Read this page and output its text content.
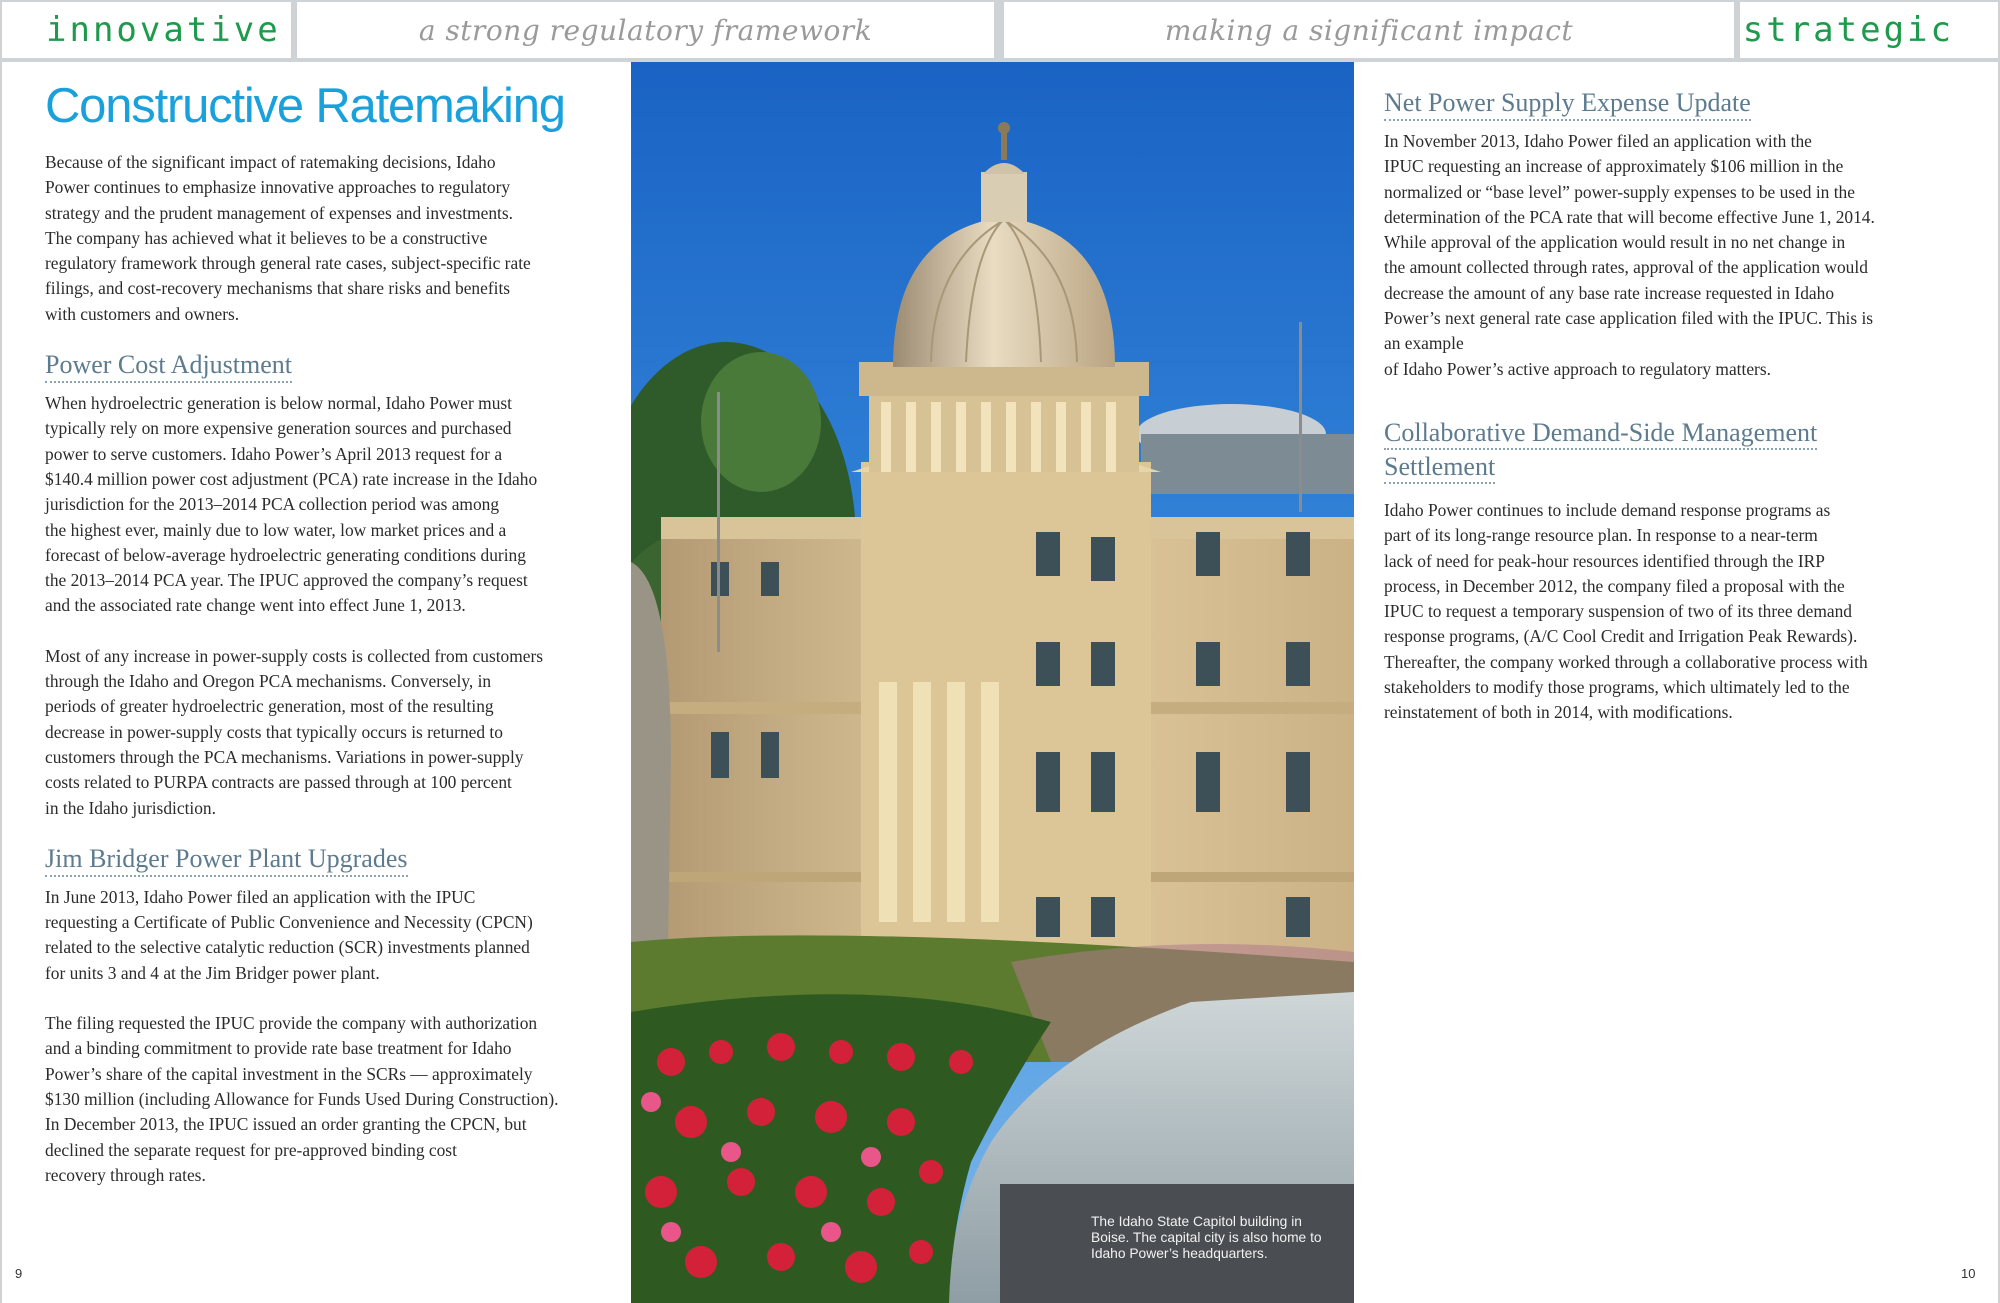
innovative	a strong regulatory framework	making a significant impact	strategic
Constructive Ratemaking

Because of the significant impact of ratemaking decisions, Idaho
Power continues to emphasize innovative approaches to regulatory
strategy and the prudent management of expenses and investments.
The company has achieved what it believes to be a constructive
regulatory framework through general rate cases, subject-specific rate
filings, and cost-recovery mechanisms that share risks and benefits
with customers and owners.

Power Cost Adjustment

When hydroelectric generation is below normal, Idaho Power must
typically rely on more expensive generation sources and purchased
power to serve customers. Idaho Power’s April 2013 request for a
$140.4 million power cost adjustment (PCA) rate increase in the Idaho
jurisdiction for the 2013–2014 PCA collection period was among
the highest ever, mainly due to low water, low market prices and a
forecast of below-average hydroelectric generating conditions during
the 2013–2014 PCA year. The IPUC approved the company’s request
and the associated rate change went into effect June 1, 2013.

Most of any increase in power-supply costs is collected from customers
through the Idaho and Oregon PCA mechanisms. Conversely, in
periods of greater hydroelectric generation, most of the resulting
decrease in power-supply costs that typically occurs is returned to
customers through the PCA mechanisms. Variations in power-supply
costs related to PURPA contracts are passed through at 100 percent
in the Idaho jurisdiction.

Jim Bridger Power Plant Upgrades

In June 2013, Idaho Power filed an application with the IPUC
requesting a Certificate of Public Convenience and Necessity (CPCN)
related to the selective catalytic reduction (SCR) investments planned
for units 3 and 4 at the Jim Bridger power plant.

The filing requested the IPUC provide the company with authorization
and a binding commitment to provide rate base treatment for Idaho
Power’s share of the capital investment in the SCRs — approximately
$130 million (including Allowance for Funds Used During Construction).
In December 2013, the IPUC issued an order granting the CPCN, but
declined the separate request for pre-approved binding cost
recovery through rates.

The Idaho State Capitol building in
Boise. The capital city is also home to
Idaho Power’s headquarters.
Net Power Supply Expense Update

In November 2013, Idaho Power filed an application with the
IPUC requesting an increase of approximately $106 million in the
normalized or “base level” power-supply expenses to be used in the
determination of the PCA rate that will become effective June 1, 2014.
While approval of the application would result in no net change in
the amount collected through rates, approval of the application would
decrease the amount of any base rate increase requested in Idaho
Power’s next general rate case application filed with the IPUC. This is
an example
of Idaho Power’s active approach to regulatory matters.

Collaborative Demand-Side Management
Settlement

Idaho Power continues to include demand response programs as
part of its long-range resource plan. In response to a near-term
lack of need for peak-hour resources identified through the IRP
process, in December 2012, the company filed a proposal with the
IPUC to request a temporary suspension of two of its three demand
response programs, (A/C Cool Credit and Irrigation Peak Rewards).
Thereafter, the company worked through a collaborative process with
stakeholders to modify those programs, which ultimately led to the
reinstatement of both in 2014, with modifications.

9	10
